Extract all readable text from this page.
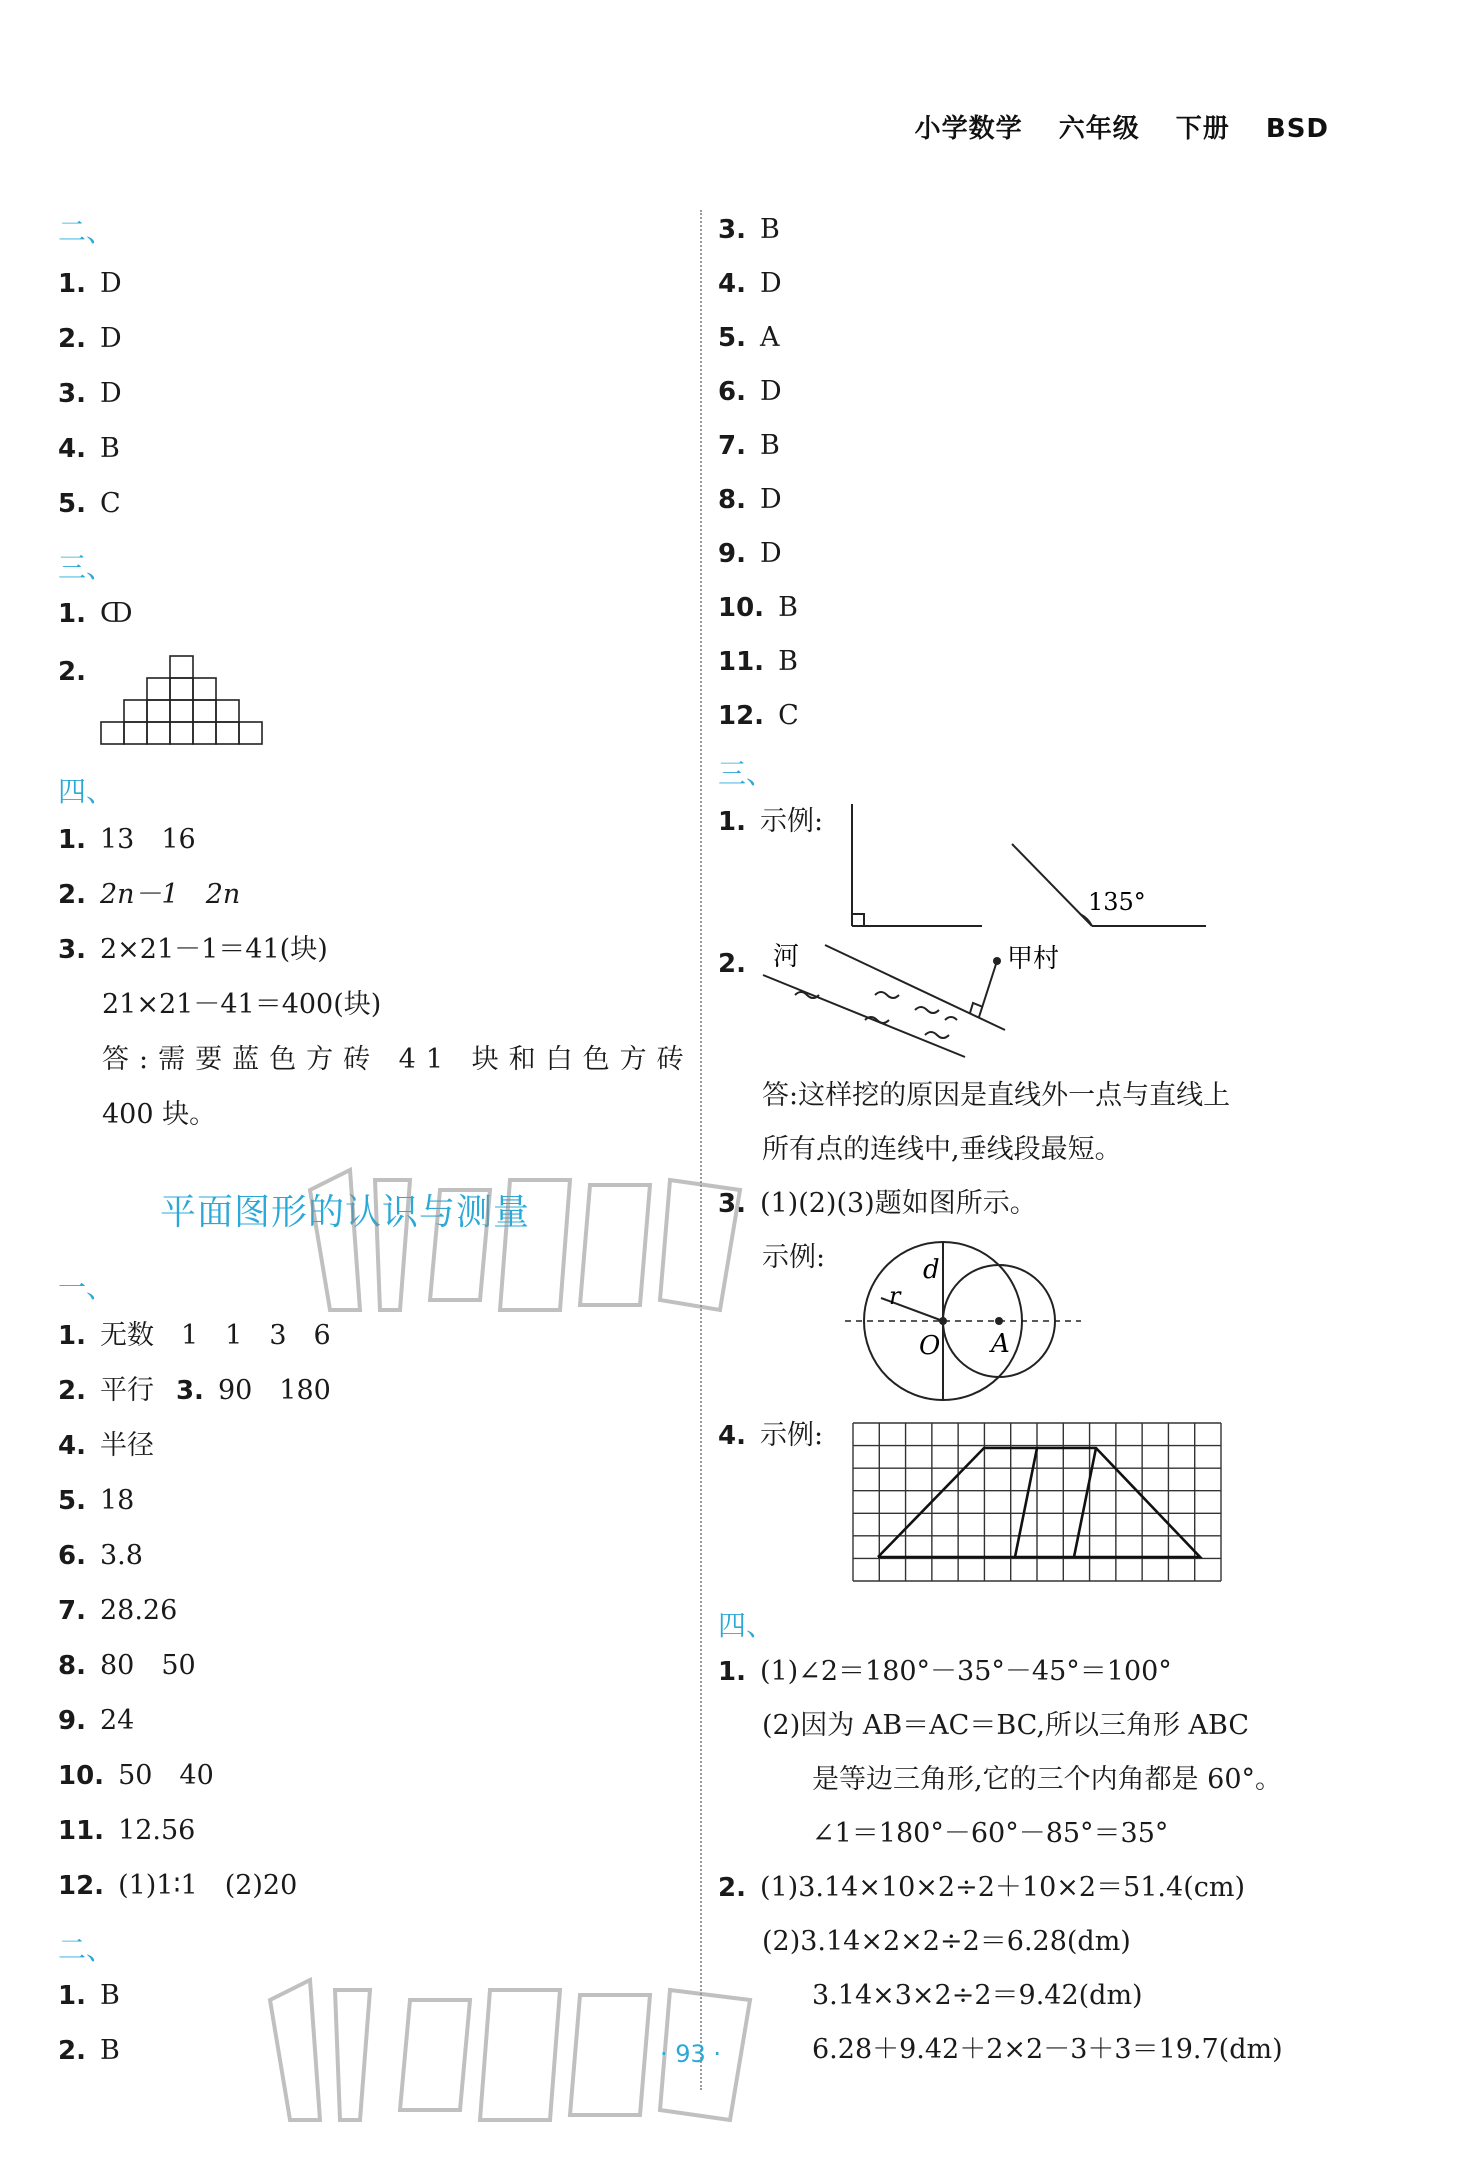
小学数学 六年级 下册 BSD
二、
1. D
2. D
3. D
4. B
5. C
三、
1. ↀ
2.
四、
1. 13　16
2. 2n－1　2n
3. 2×21－1＝41(块)
21×21－41＝400(块)
答:需要蓝色方砖 41 块和白色方砖
400 块。
平面图形的认识与测量
一、
1. 无数　1　1　3　6
2. 平行 3. 90　180
4. 半径
5. 18
6. 3.8
7. 28.26
8. 80　50
9. 24
10. 50　40
11. 12.56
12. (1)1∶1　(2)20
二、
1. B
2. B
3. B
4. D
5. A
6. D
7. B
8. D
9. D
10. B
11. B
12. C
三、
1. 示例:
135°
2.	河	甲村
答:这样挖的原因是直线外一点与直线上
所有点的连线中,垂线段最短。
3. (1)(2)(3)题如图所示。
示例:	d
r
O A
4. 示例:
四、
1. (1)∠2＝180°－35°－45°＝100°
(2)因为 AB＝AC＝BC,所以三角形 ABC
是等边三角形,它的三个内角都是 60°。
∠1＝180°－60°－85°＝35°
2. (1)3.14×10×2÷2＋10×2＝51.4(cm)
(2)3.14×2×2÷2＝6.28(dm)
3.14×3×2÷2＝9.42(dm)
6.28＋9.42＋2×2－3＋3＝19.7(dm)
· 93 ·
